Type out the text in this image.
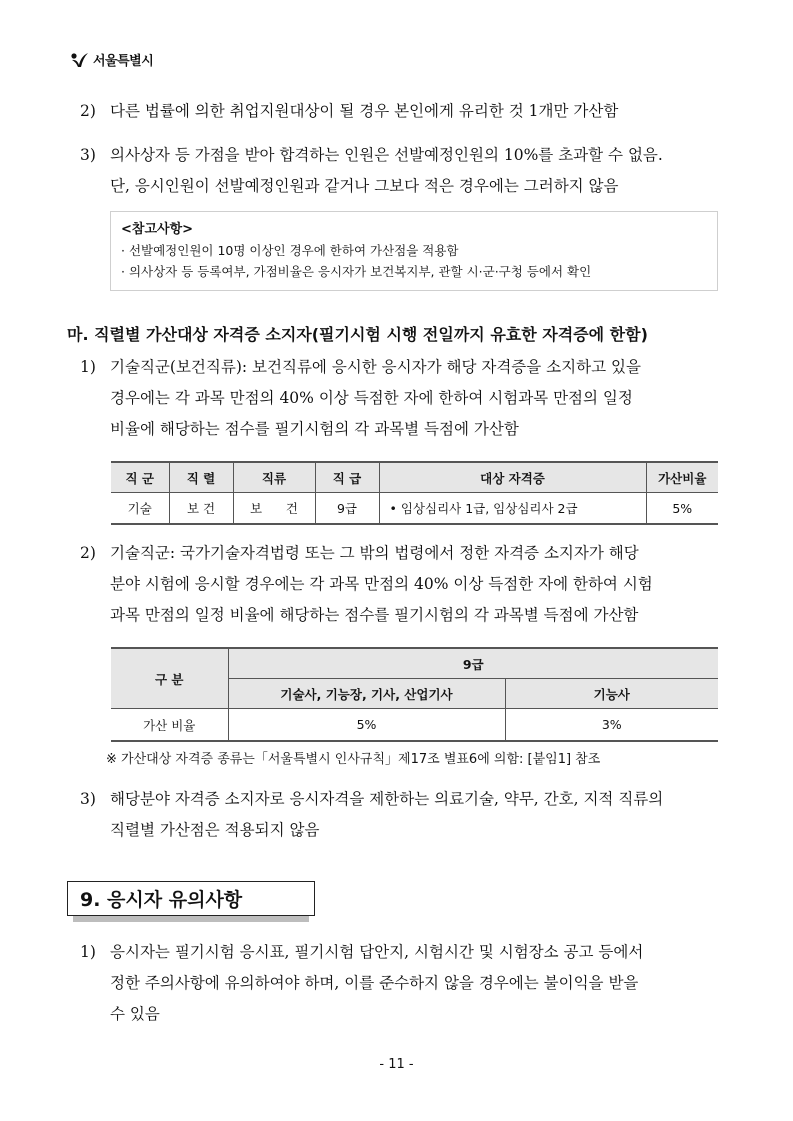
서울특별시
2) 다른 법률에 의한 취업지원대상이 될 경우 본인에게 유리한 것 1개만 가산함
3) 의사상자 등 가점을 받아 합격하는 인원은 선발예정인원의 10%를 초과할 수 없음.
단, 응시인원이 선발예정인원과 같거나 그보다 적은 경우에는 그러하지 않음
<참고사항>
· 선발예정인원이 10명 이상인 경우에 한하여 가산점을 적용함
· 의사상자 등 등록여부, 가점비율은 응시자가 보건복지부, 관할 시·군·구청 등에서 확인
마. 직렬별 가산대상 자격증 소지자(필기시험 시행 전일까지 유효한 자격증에 한함)
1) 기술직군(보건직류): 보건직류에 응시한 응시자가 해당 자격증을 소지하고 있을
경우에는 각 과목 만점의 40% 이상 득점한 자에 한하여 시험과목 만점의 일정
비율에 해당하는 점수를 필기시험의 각 과목별 득점에 가산함
직 군	직 렬	직류	직 급	대상 자격증	가산비율
기술	보 건	보      건	9급	• 임상심리사 1급, 임상심리사 2급	5%
2) 기술직군: 국가기술자격법령 또는 그 밖의 법령에서 정한 자격증 소지자가 해당
분야 시험에 응시할 경우에는 각 과목 만점의 40% 이상 득점한 자에 한하여 시험
과목 만점의 일정 비율에 해당하는 점수를 필기시험의 각 과목별 득점에 가산함
구 분	9급	
	기술사, 기능장, 기사, 산업기사	기능사
가산 비율	5%	3%
※ 가산대상 자격증 종류는「서울특별시 인사규칙」제17조 별표6에 의함: [붙임1] 참조
3) 해당분야 자격증 소지자로 응시자격을 제한하는 의료기술, 약무, 간호, 지적 직류의
직렬별 가산점은 적용되지 않음
9. 응시자 유의사항
1) 응시자는 필기시험 응시표, 필기시험 답안지, 시험시간 및 시험장소 공고 등에서
정한 주의사항에 유의하여야 하며, 이를 준수하지 않을 경우에는 불이익을 받을
수 있음
- 11 -
